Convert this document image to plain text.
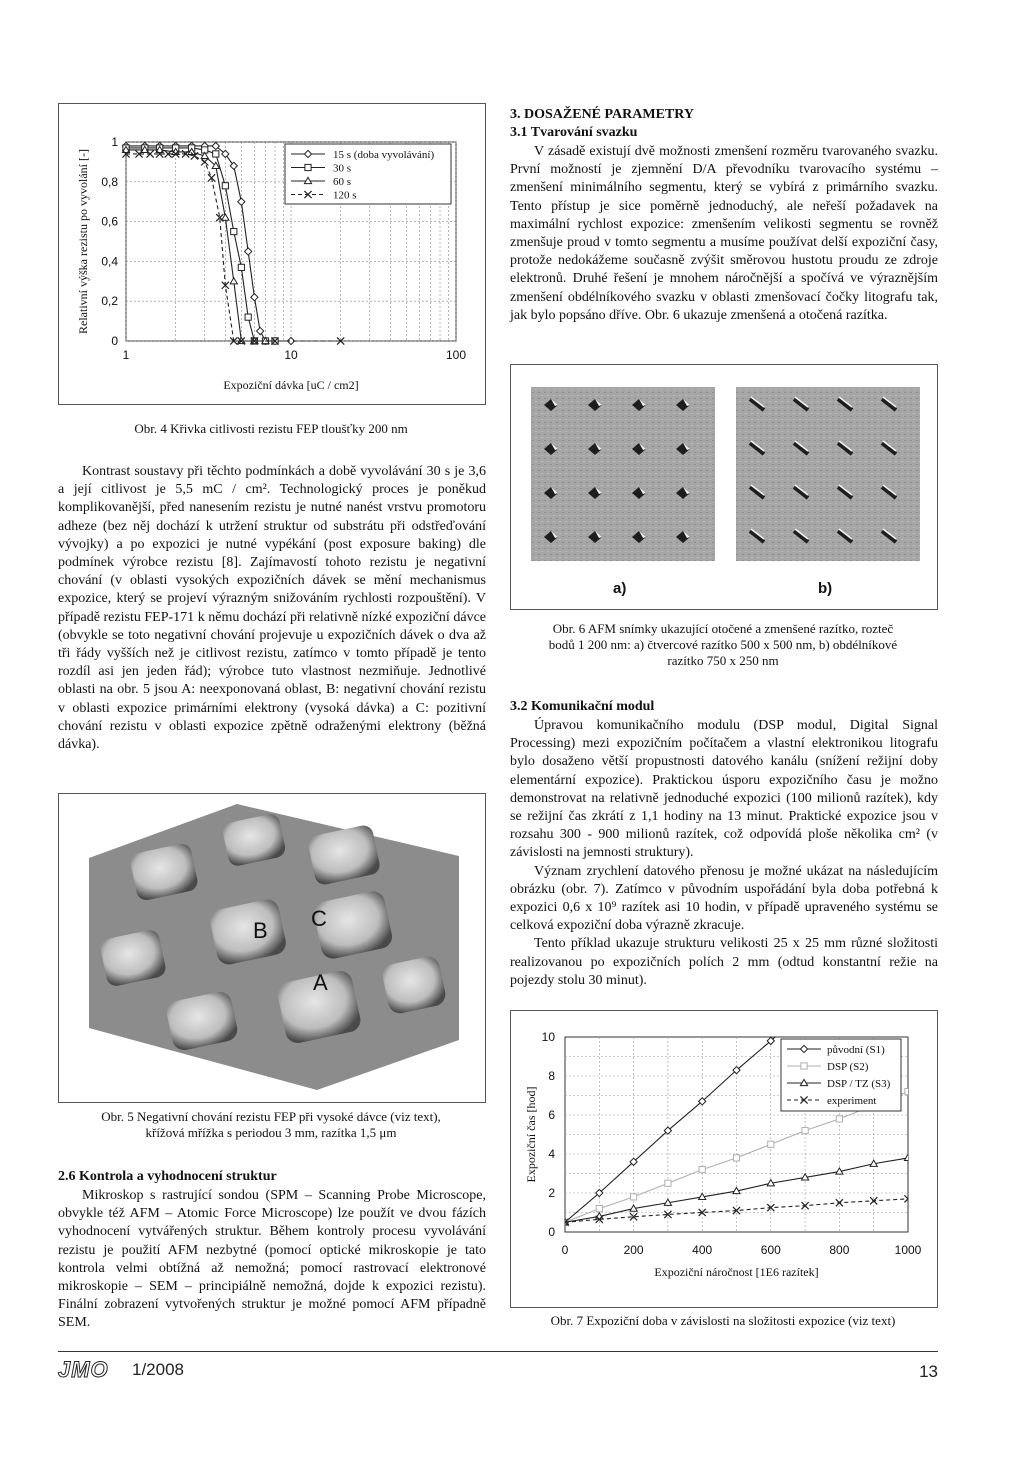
0
0,2
0,4
0,6
0,8
1
1	10	100
Expoziční dávka [uC / cm2]
Relativní výška rezistu po vyvolání [-]	15 s (doba vyvolávání)
30 s
60 s
120 s
Obr. 4 Křivka citlivosti rezistu FEP tloušťky 200 nm

Kontrast soustavy při těchto podmínkách a době vyvolávání 30 s je 3,6 a její citlivost je 5,5 mC / cm². Technologický proces je poněkud komplikovanější, před nanesením rezistu je nutné nanést vrstvu promotoru adheze (bez něj dochází k utržení struktur od substrátu při odstřeďování vývojky) a po expozici je nutné vypékání (post exposure baking) dle podmínek výrobce rezistu [8]. Zajímavostí tohoto rezistu je negativní chování (v oblasti vysokých expozičních dávek se mění mechanismus expozice, který se projeví výrazným snižováním rychlosti rozpouštění). V případě rezistu FEP-171 k němu dochází při relativně nízké expoziční dávce (obvykle se toto negativní chování projevuje u expozičních dávek o dva až tři řády vyšších než je citlivost rezistu, zatímco v tomto případě je tento rozdíl asi jen jeden řád); výrobce tuto vlastnost nezmiňuje. Jednotlivé oblasti na obr. 5 jsou A: neexponovaná oblast, B: negativní chování rezistu v oblasti expozice primárními elektrony (vysoká dávka) a C: pozitivní chování rezistu v oblasti expozice zpětně odraženými elektrony (běžná dávka).

B C
A
Obr. 5 Negativní chování rezistu FEP při vysoké dávce (viz text),
křížová mřížka s periodou 3 mm, razítka 1,5 μm
2.6 Kontrola a vyhodnocení struktur

Mikroskop s rastrující sondou (SPM – Scanning Probe Microscope, obvykle též AFM – Atomic Force Microscope) lze použít ve dvou fázích vyhodnocení vytvářených struktur. Během kontroly procesu vyvolávání rezistu je použití AFM nezbytné (pomocí optické mikroskopie je tato kontrola velmi obtížná až nemožná; pomocí rastrovací elektronové mikroskopie – SEM – principiálně nemožná, dojde k expozici rezistu). Finální zobrazení vytvořených struktur je možné pomocí AFM případně SEM.

3. DOSAŽENÉ PARAMETRY
3.1 Tvarování svazku

V zásadě existují dvě možnosti zmenšení rozměru tvarovaného svazku. První možností je zjemnění D/A převodníku tvarovacího systému – zmenšení minimálního segmentu, který se vybírá z primárního svazku. Tento přístup je sice poměrně jednoduchý, ale neřeší požadavek na maximální rychlost expozice: zmenšením velikosti segmentu se rovněž zmenšuje proud v tomto segmentu a musíme používat delší expoziční časy, protože nedokážeme současně zvýšit směrovou hustotu proudu ze zdroje elektronů. Druhé řešení je mnohem náročnější a spočívá ve výraznějším zmenšení obdélníkového svazku v oblasti zmenšovací čočky litografu tak, jak bylo popsáno dříve. Obr. 6 ukazuje zmenšená a otočená razítka.

a)	b)
Obr. 6 AFM snímky ukazující otočené a zmenšené razítko, rozteč
bodů 1 200 nm: a) čtvercové razítko 500 x 500 nm, b) obdélníkové
razítko 750 x 250 nm
3.2 Komunikační modul

Úpravou komunikačního modulu (DSP modul, Digital Signal Processing) mezi expozičním počítačem a vlastní elektronikou litografu bylo dosaženo větší propustnosti datového kanálu (snížení režijní doby elementární expozice). Praktickou úsporu expozičního času je možno demonstrovat na relativně jednoduché expozici (100 milionů razítek), kdy se režijní čas zkrátí z 1,1 hodiny na 13 minut. Praktické expozice jsou v rozsahu 300 - 900 milionů razítek, což odpovídá ploše několika cm² (v závislosti na jemnosti struktury).

Význam zrychlení datového přenosu je možné ukázat na následujícím obrázku (obr. 7). Zatímco v původním uspořádání byla doba potřebná k expozici 0,6 x 10⁹ razítek asi 10 hodin, v případě upraveného systému se celková expoziční doba výrazně zkracuje.

Tento příklad ukazuje strukturu velikosti 25 x 25 mm různé složitosti realizovanou po expozičních polích 2 mm (odtud konstantní režie na pojezdy stolu 30 minut).

0
2
4
6
8
10
0	200	400	600	800	1000
Expoziční náročnost [1E6 razítek]
Expoziční čas [hod]
původní (S1)
DSP (S2)
DSP / TZ (S3)
experiment
Obr. 7 Expoziční doba v závislosti na složitosti expozice (viz text)
JMO 1/2008	13
